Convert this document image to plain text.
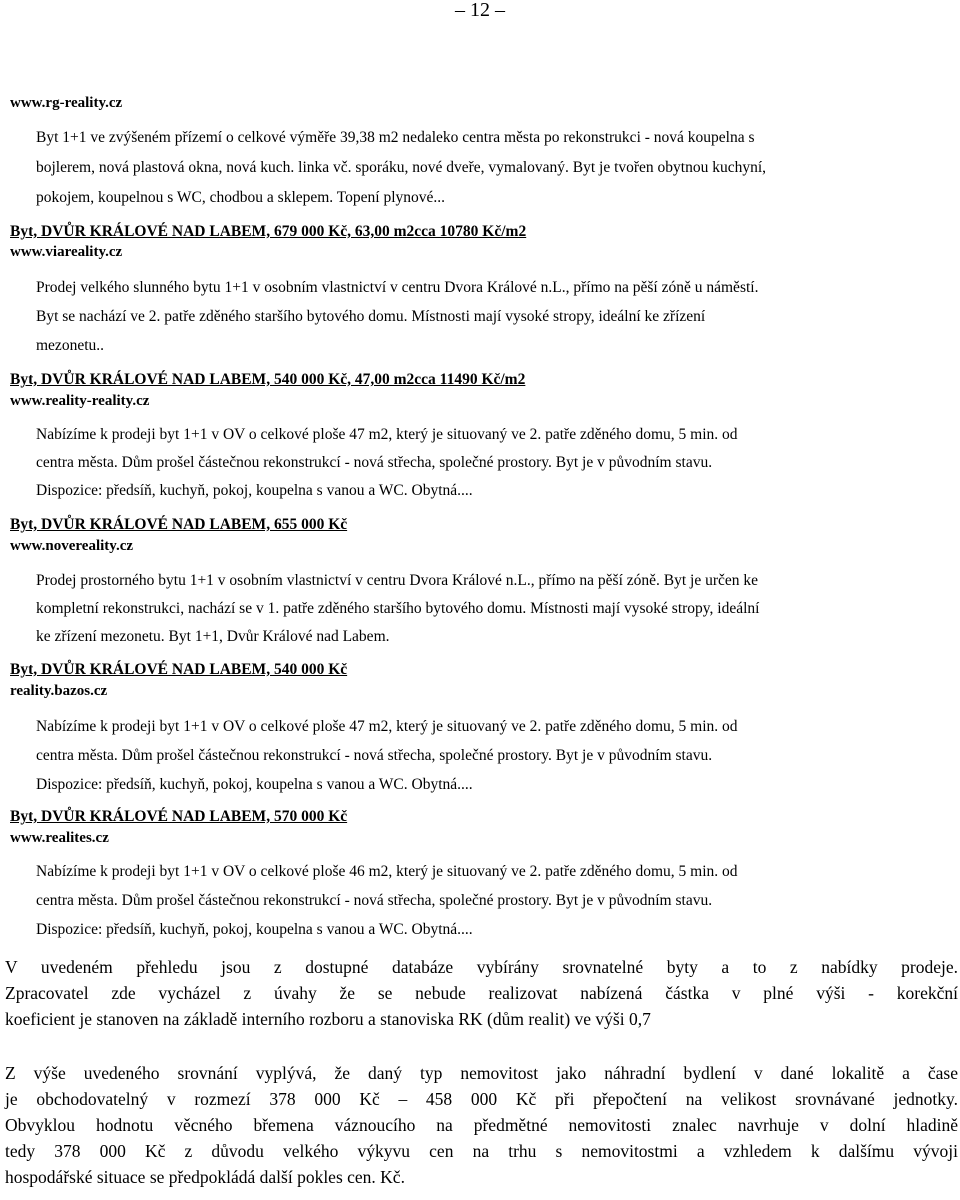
– 12 –
www.rg-reality.cz
Byt 1+1 ve zvýšeném přízemí o celkové výměře 39,38 m2 nedaleko centra města po rekonstrukci - nová koupelna s
bojlerem, nová plastová okna, nová kuch. linka vč. sporáku, nové dveře, vymalovaný. Byt je tvořen obytnou kuchyní,
pokojem, koupelnou s WC, chodbou a sklepem. Topení plynové...
Byt, DVŮR KRÁLOVÉ NAD LABEM, 679 000 Kč, 63,00 m2cca 10780 Kč/m2
www.viareality.cz
Prodej velkého slunného bytu 1+1 v osobním vlastnictví v centru Dvora Králové n.L., přímo na pěší zóně u náměstí.
Byt se nachází ve 2. patře zděného staršího bytového domu. Místnosti mají vysoké stropy, ideální ke zřízení
mezonetu..
Byt, DVŮR KRÁLOVÉ NAD LABEM, 540 000 Kč, 47,00 m2cca 11490 Kč/m2
www.reality-reality.cz
Nabízíme k prodeji byt 1+1 v OV o celkové ploše 47 m2, který je situovaný ve 2. patře zděného domu, 5 min. od
centra města. Dům prošel částečnou rekonstrukcí - nová střecha, společné prostory. Byt je v původním stavu.
Dispozice: předsíň, kuchyň, pokoj, koupelna s vanou a WC. Obytná....
Byt, DVŮR KRÁLOVÉ NAD LABEM, 655 000 Kč
www.novereality.cz
Prodej prostorného bytu 1+1 v osobním vlastnictví v centru Dvora Králové n.L., přímo na pěší zóně. Byt je určen ke
kompletní rekonstrukci, nachází se v 1. patře zděného staršího bytového domu. Místnosti mají vysoké stropy, ideální
ke zřízení mezonetu. Byt 1+1, Dvůr Králové nad Labem.
Byt, DVŮR KRÁLOVÉ NAD LABEM, 540 000 Kč
reality.bazos.cz
Nabízíme k prodeji byt 1+1 v OV o celkové ploše 47 m2, který je situovaný ve 2. patře zděného domu, 5 min. od
centra města. Dům prošel částečnou rekonstrukcí - nová střecha, společné prostory. Byt je v původním stavu.
Dispozice: předsíň, kuchyň, pokoj, koupelna s vanou a WC. Obytná....
Byt, DVŮR KRÁLOVÉ NAD LABEM, 570 000 Kč
www.realites.cz
Nabízíme k prodeji byt 1+1 v OV o celkové ploše 46 m2, který je situovaný ve 2. patře zděného domu, 5 min. od
centra města. Dům prošel částečnou rekonstrukcí - nová střecha, společné prostory. Byt je v původním stavu.
Dispozice: předsíň, kuchyň, pokoj, koupelna s vanou a WC. Obytná....
V uvedeném přehledu jsou z dostupné databáze vybírány srovnatelné byty a to z nabídky prodeje.
Zpracovatel zde vycházel z úvahy že se nebude realizovat nabízená částka v plné výši - korekční
koeficient je stanoven na základě interního rozboru a stanoviska RK (dům realit) ve výši 0,7
Z výše uvedeného srovnání vyplývá, že daný typ nemovitost jako náhradní bydlení v dané lokalitě a čase
je obchodovatelný v rozmezí 378 000 Kč – 458 000 Kč při přepočtení na velikost srovnávané jednotky.
Obvyklou hodnotu věcného břemena váznoucího na předmětné nemovitosti znalec navrhuje v dolní hladině
tedy 378 000 Kč z důvodu velkého výkyvu cen na trhu s nemovitostmi a vzhledem k dalšímu vývoji
hospodářské situace se předpokládá další pokles cen. Kč.
